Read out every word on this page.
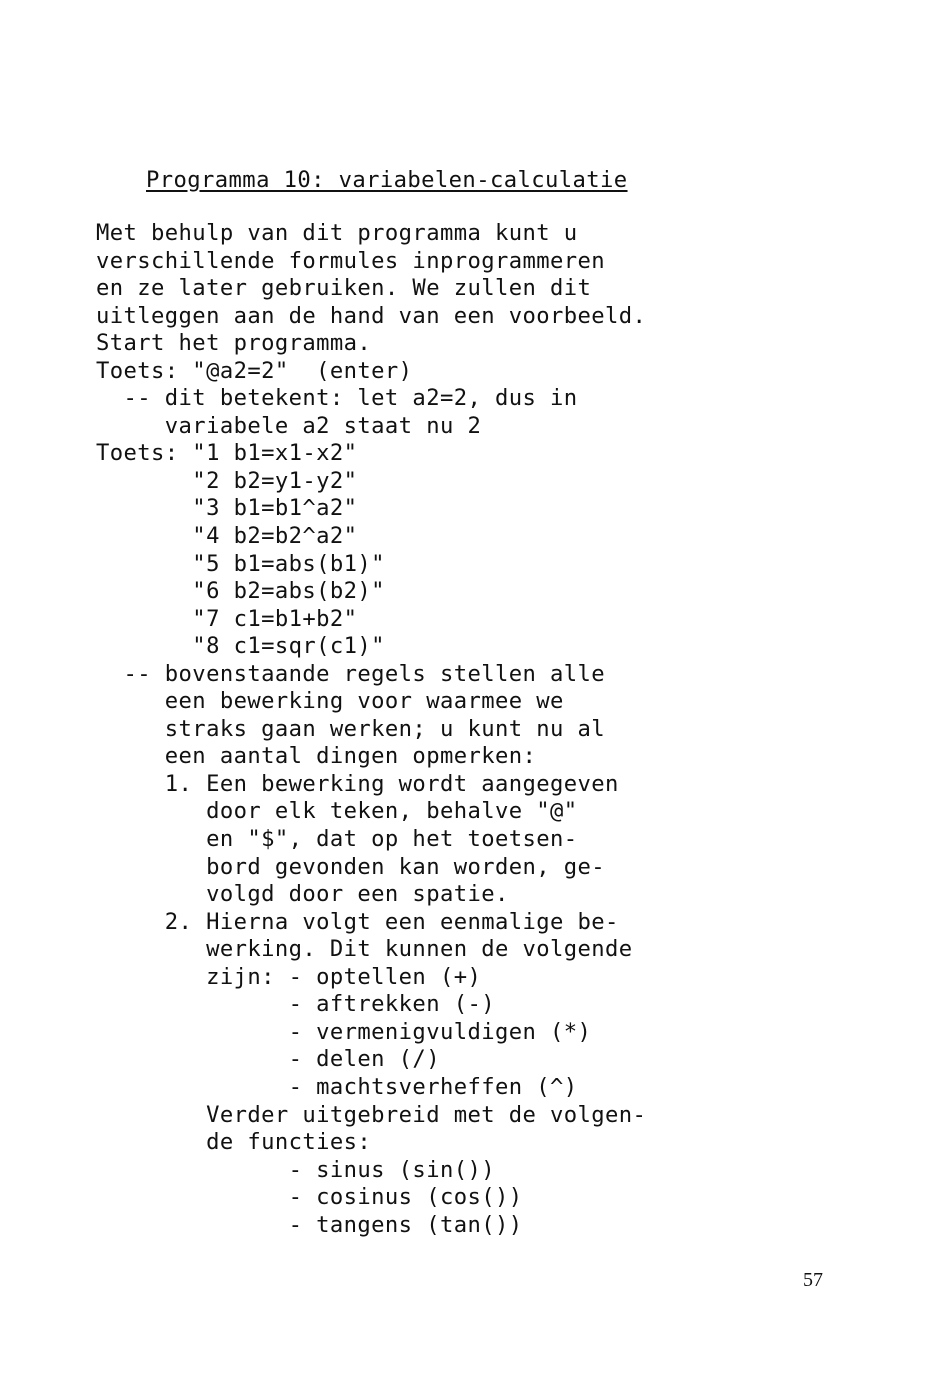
Programma 10: variabelen-calculatie
Met behulp van dit programma kunt u
verschillende formules inprogrammeren
en ze later gebruiken. We zullen dit
uitleggen aan de hand van een voorbeeld.
Start het programma.
Toets: "@a2=2"  (enter)
-- dit betekent: let a2=2, dus in
variabele a2 staat nu 2
Toets: "1 b1=x1-x2"
"2 b2=y1-y2"
"3 b1=b1^a2"
"4 b2=b2^a2"
"5 b1=abs(b1)"
"6 b2=abs(b2)"
"7 c1=b1+b2"
"8 c1=sqr(c1)"
-- bovenstaande regels stellen alle
een bewerking voor waarmee we
straks gaan werken; u kunt nu al
een aantal dingen opmerken:
1. Een bewerking wordt aangegeven
door elk teken, behalve "@"
en "$", dat op het toetsen-
bord gevonden kan worden, ge-
volgd door een spatie.
2. Hierna volgt een eenmalige be-
werking. Dit kunnen de volgende
zijn: - optellen (+)
- aftrekken (-)
- vermenigvuldigen (*)
- delen (/)
- machtsverheffen (^)
Verder uitgebreid met de volgen-
de functies:
- sinus (sin())
- cosinus (cos())
- tangens (tan())
57
